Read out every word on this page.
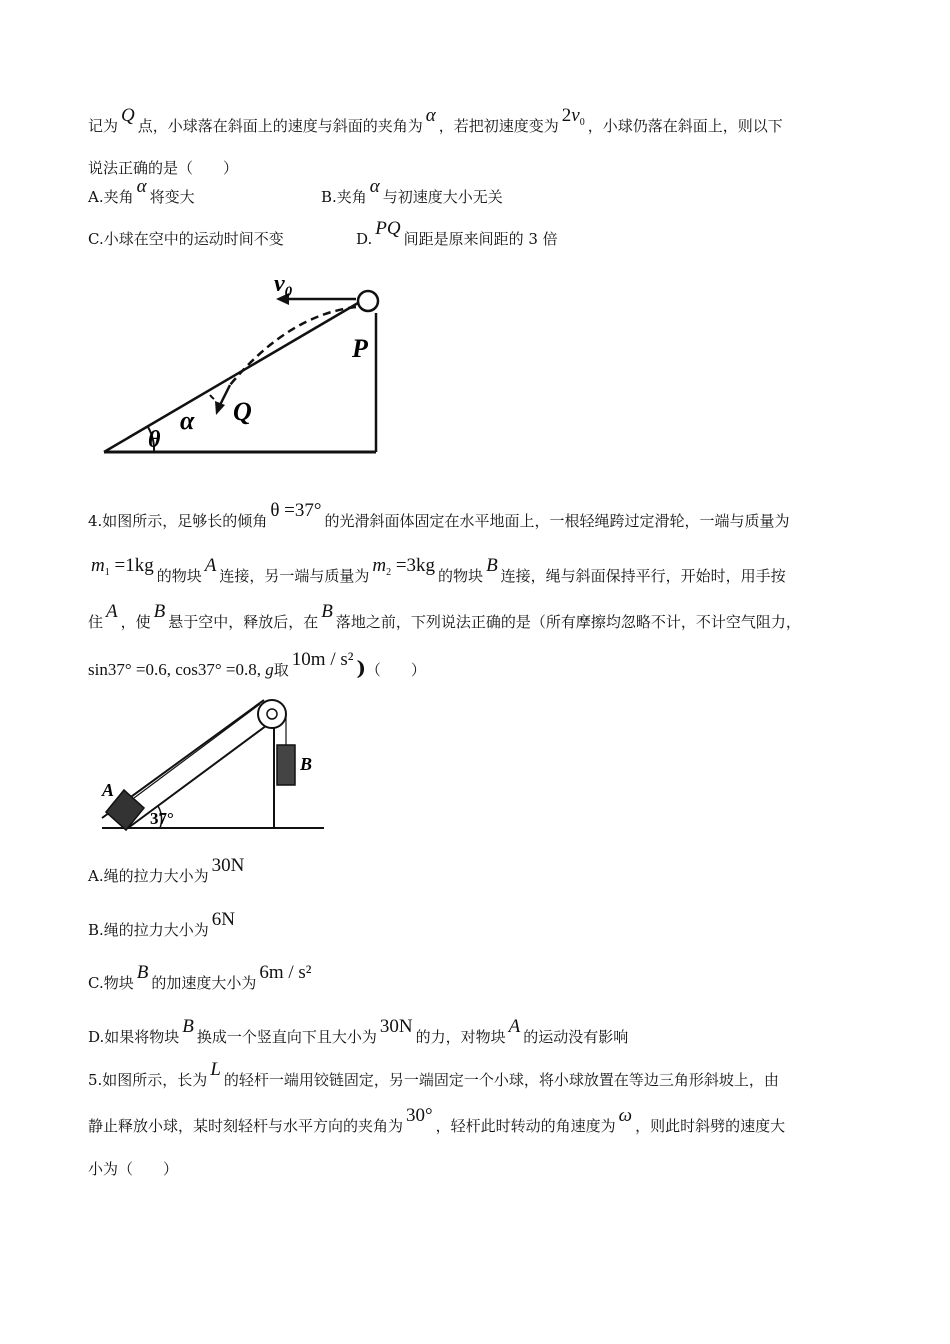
记为 Q 点，小球落在斜面上的速度与斜面的夹角为 α ，若把初速度变为 $2v_0$ ，小球仍落在斜面上，则以下
说法正确的是（　　）
A.夹角 α 将变大	B.夹角 α 与初速度大小无关
C.小球在空中的运动时间不变	D. PQ 间距是原来间距的 3 倍
$v_0$
P
Q
α
θ
4.如图所示，足够长的倾角 θ =37° 的光滑斜面体固定在水平地面上，一根轻绳跨过定滑轮，一端与质量为
$m_1 =1kg$ 的物块 A 连接，另一端与质量为 $m_2 =3kg$ 的物块 B 连接，绳与斜面保持平行，开始时，用手按
住 A ，使 B 悬于空中，释放后，在 B 落地之前，下列说法正确的是（所有摩擦均忽略不计，不计空气阻力，
sin37° =0.6, cos37° =0.8, g取 10m / s² )（　　）
A
B
37°
A.绳的拉力大小为 30N
B.绳的拉力大小为 6N
C.物块 B 的加速度大小为 6m / s²
D.如果将物块 B 换成一个竖直向下且大小为 30N 的力，对物块 A 的运动没有影响
5.如图所示，长为 L 的轻杆一端用铰链固定，另一端固定一个小球，将小球放置在等边三角形斜坡上，由
静止释放小球，某时刻轻杆与水平方向的夹角为 30° ，轻杆此时转动的角速度为 ω ，则此时斜劈的速度大
小为（　　）
